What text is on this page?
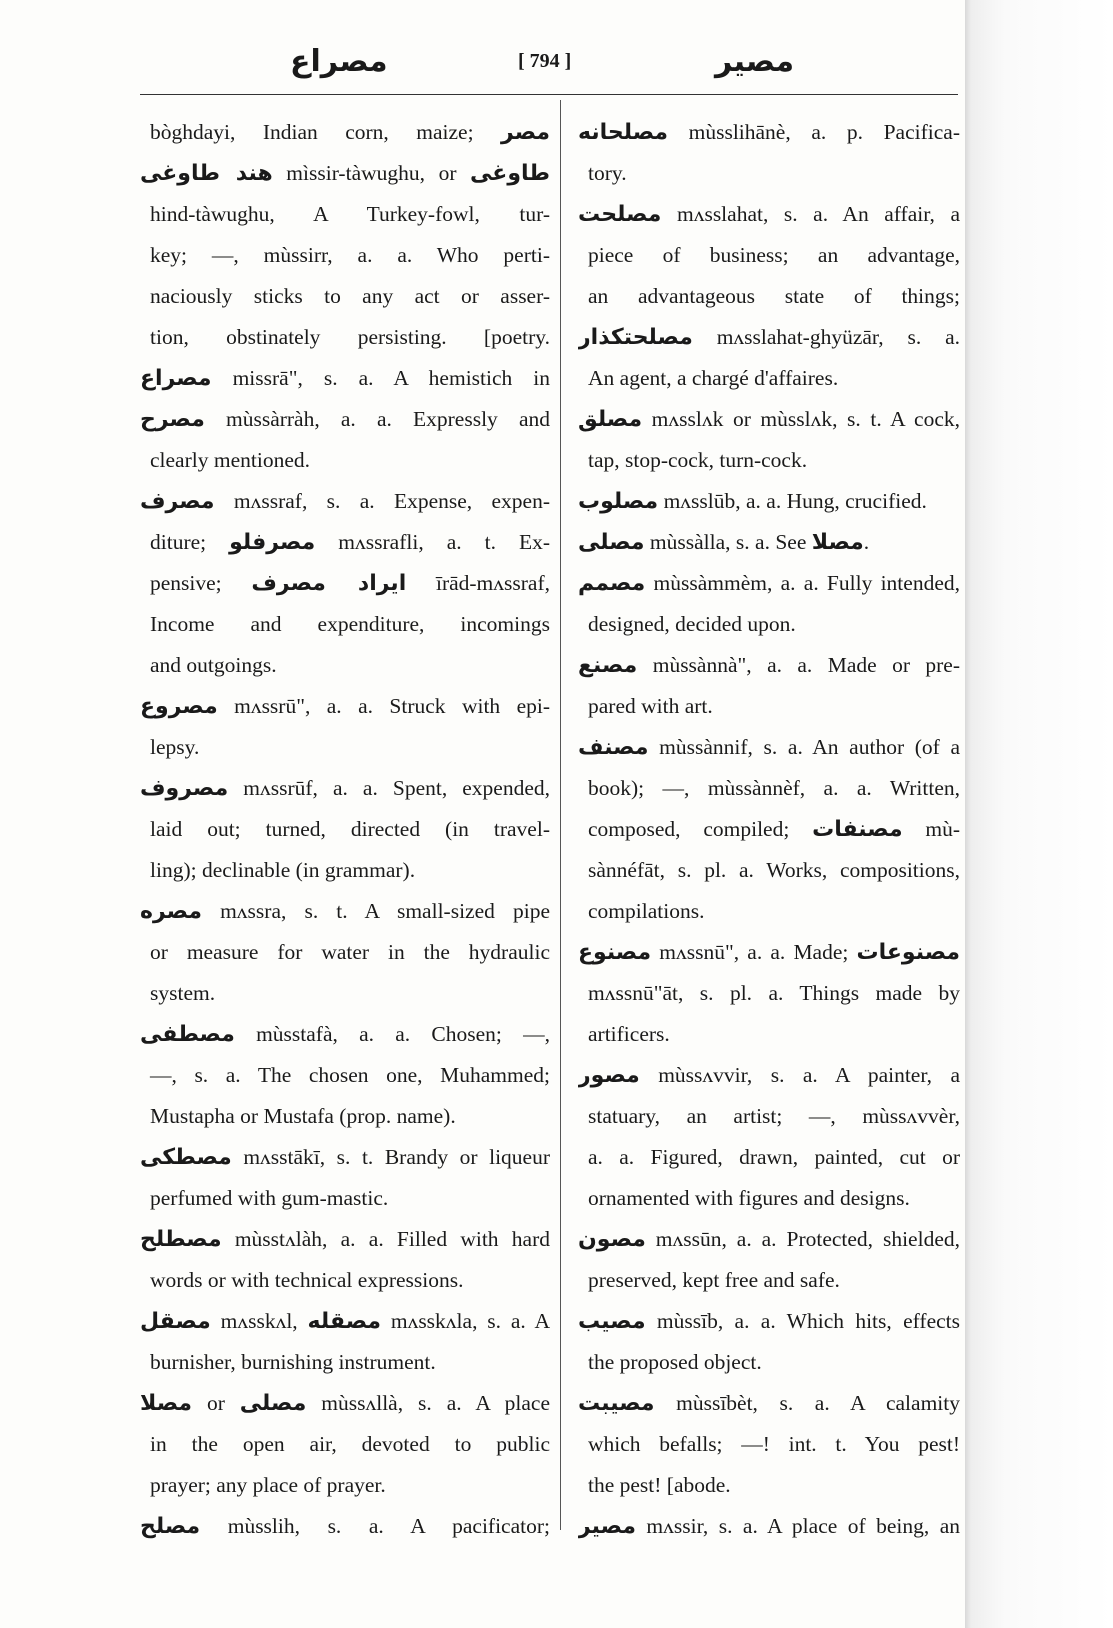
مصراع	[ 794 ]	مصير
bòghdayi, Indian corn, maize; مصر
هند طاوغی mìssir-tàwughu, or طاوغی
hind-tàwughu, A Turkey-fowl, tur-
key; —, mùssirr, a. a. Who perti-
naciously sticks to any act or asser-
tion, obstinately persisting. [poetry.
مصراع missrā", s. a. A hemistich in
مصرح mùssàrràh, a. a. Expressly and
clearly mentioned.
مصرف mʌssraf, s. a. Expense, expen-
diture; مصرفلو mʌssrafli, a. t. Ex-
pensive; ایراد مصرف īrād-mʌssraf,
Income and expenditure, incomings
and outgoings.
مصروع mʌssrū", a. a. Struck with epi-
lepsy.
مصروف mʌssrūf, a. a. Spent, expended,
laid out; turned, directed (in travel-
ling); declinable (in grammar).
مصره mʌssra, s. t. A small-sized pipe
or measure for water in the hydraulic
system.
مصطفی mùsstafà, a. a. Chosen; —,
—, s. a. The chosen one, Muhammed;
Mustapha or Mustafa (prop. name).
مصطكی mʌsstākī, s. t. Brandy or liqueur
perfumed with gum-mastic.
مصطلح mùsstʌlàh, a. a. Filled with hard
words or with technical expressions.
مصقل mʌsskʌl, مصقله mʌsskʌla, s. a. A
burnisher, burnishing instrument.
مصلا or مصلى mùssʌllà, s. a. A place
in the open air, devoted to public
prayer; any place of prayer.
مصلح mùsslih, s. a. A pacificator;
مصلحانه mùsslihānè, a. p. Pacifica-
tory.
مصلحت mʌsslahat, s. a. An affair, a
piece of business; an advantage,
an advantageous state of things;
مصلحتكذار mʌsslahat-ghyüzār, s. a.
An agent, a chargé d'affaires.
مصلق mʌsslʌk or mùsslʌk, s. t. A cock,
tap, stop-cock, turn-cock.
مصلوب mʌsslūb, a. a. Hung, crucified.
مصلى mùssàlla, s. a. See مصلا.
مصمم mùssàmmèm, a. a. Fully intended,
designed, decided upon.
مصنع mùssànnà", a. a. Made or pre-
pared with art.
مصنف mùssànnif, s. a. An author (of a
book); —, mùssànnèf, a. a. Written,
composed, compiled; مصنفات mù-
sànnéfāt, s. pl. a. Works, compositions,
compilations.
مصنوع mʌssnū", a. a. Made; مصنوعات
mʌssnū"āt, s. pl. a. Things made by
artificers.
مصور mùssʌvvir, s. a. A painter, a
statuary, an artist; —, mùssʌvvèr,
a. a. Figured, drawn, painted, cut or
ornamented with figures and designs.
مصون mʌssūn, a. a. Protected, shielded,
preserved, kept free and safe.
مصيب mùssīb, a. a. Which hits, effects
the proposed object.
مصيبت mùssībèt, s. a. A calamity
which befalls; —! int. t. You pest!
the pest! [abode.
مصير mʌssir, s. a. A place of being, an
